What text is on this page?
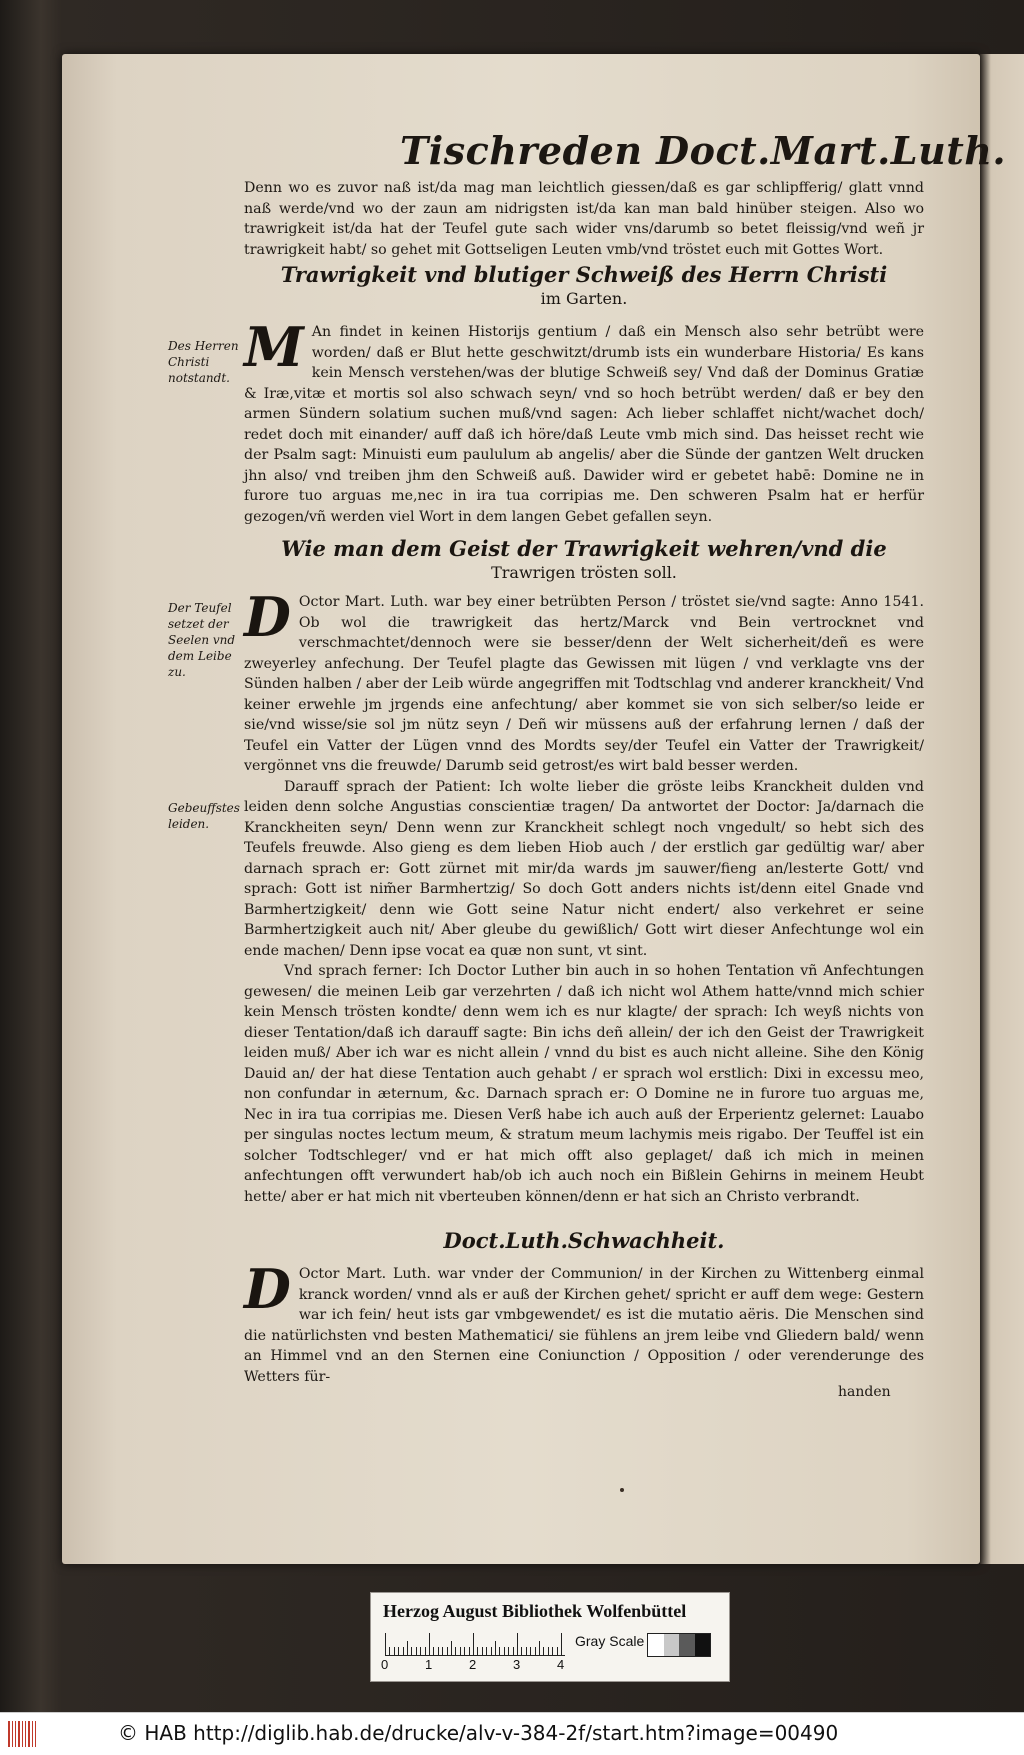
Tischreden Doct.Mart.Luth.
Denn wo es zuvor naß ist/da mag man leichtlich giessen/daß es gar schlipfferig/ glatt vnnd naß werde/vnd wo der zaun am nidrigsten ist/da kan man bald hinüber steigen. Also wo trawrigkeit ist/da hat der Teufel gute sach wider vns/darumb so betet fleissig/vnd weñ jr trawrigkeit habt/ so gehet mit Gottseligen Leuten vmb/vnd tröstet euch mit Gottes Wort.
Trawrigkeit vnd blutiger Schweiß des Herrn Christi
im Garten.
Des Herren Christi notstandt. M An findet in keinen Historijs gentium / daß ein Mensch also sehr betrübt were worden/ daß er Blut hette geschwitzt/drumb ists ein wunderbare Historia/ Es kans kein Mensch verstehen/was der blutige Schweiß sey/ Vnd daß der Dominus Gratiæ & Iræ,vitæ et mortis sol also schwach seyn/ vnd so hoch betrübt werden/ daß er bey den armen Sündern solatium suchen muß/vnd sagen: Ach lieber schlaffet nicht/wachet doch/ redet doch mit einander/ auff daß ich höre/daß Leute vmb mich sind. Das heisset recht wie der Psalm sagt: Minuisti eum paululum ab angelis/ aber die Sünde der gantzen Welt drucken jhn also/ vnd treiben jhm den Schweiß auß. Dawider wird er gebetet habē: Domine ne in furore tuo arguas me,nec in ira tua corripias me. Den schweren Psalm hat er herfür gezogen/vñ werden viel Wort in dem langen Gebet gefallen seyn.
Wie man dem Geist der Trawrigkeit wehren/vnd die
Trawrigen trösten soll.
Der Teufel setzet der Seelen vnd dem Leibe zu.
Gebeuffstes leiden.
D Octor Mart. Luth. war bey einer betrübten Person / tröstet sie/vnd sagte: Anno 1541. Ob wol die trawrigkeit das hertz/Marck vnd Bein vertrocknet vnd verschmachtet/dennoch were sie besser/denn der Welt sicherheit/deñ es were zweyerley anfechung. Der Teufel plagte das Gewissen mit lügen / vnd verklagte vns der Sünden halben / aber der Leib würde angegriffen mit Todtschlag vnd anderer kranckheit/ Vnd keiner erwehle jm jrgends eine anfechtung/ aber kommet sie von sich selber/so leide er sie/vnd wisse/sie sol jm nütz seyn / Deñ wir müssens auß der erfahrung lernen / daß der Teufel ein Vatter der Lügen vnnd des Mordts sey/der Teufel ein Vatter der Trawrigkeit/ vergönnet vns die freuwde/ Darumb seid getrost/es wirt bald besser werden.
Darauff sprach der Patient: Ich wolte lieber die gröste leibs Kranckheit dulden vnd leiden denn solche Angustias conscientiæ tragen/ Da antwortet der Doctor: Ja/darnach die Kranckheiten seyn/ Denn wenn zur Kranckheit schlegt noch vngedult/ so hebt sich des Teufels freuwde. Also gieng es dem lieben Hiob auch / der erstlich gar gedültig war/ aber darnach sprach er: Gott zürnet mit mir/da wards jm sauwer/fieng an/lesterte Gott/ vnd sprach: Gott ist nim̃er Barmhertzig/ So doch Gott anders nichts ist/denn eitel Gnade vnd Barmhertzigkeit/ denn wie Gott seine Natur nicht endert/ also verkehret er seine Barmhertzigkeit auch nit/ Aber gleube du gewißlich/ Gott wirt dieser Anfechtunge wol ein ende machen/ Denn ipse vocat ea quæ non sunt, vt sint.
Vnd sprach ferner: Ich Doctor Luther bin auch in so hohen Tentation vñ Anfechtungen gewesen/ die meinen Leib gar verzehrten / daß ich nicht wol Athem hatte/vnnd mich schier kein Mensch trösten kondte/ denn wem ich es nur klagte/ der sprach: Ich weyß nichts von dieser Tentation/daß ich darauff sagte: Bin ichs deñ allein/ der ich den Geist der Trawrigkeit leiden muß/ Aber ich war es nicht allein / vnnd du bist es auch nicht alleine. Sihe den König Dauid an/ der hat diese Tentation auch gehabt / er sprach wol erstlich: Dixi in excessu meo, non confundar in æternum, &c. Darnach sprach er: O Domine ne in furore tuo arguas me, Nec in ira tua corripias me. Diesen Verß habe ich auch auß der Erperientz gelernet: Lauabo per singulas noctes lectum meum, & stratum meum lachymis meis rigabo. Der Teuffel ist ein solcher Todtschleger/ vnd er hat mich offt also geplaget/ daß ich mich in meinen anfechtungen offt verwundert hab/ob ich auch noch ein Bißlein Gehirns in meinem Heubt hette/ aber er hat mich nit vberteuben können/denn er hat sich an Christo verbrandt.
Doct.Luth.Schwachheit.
D Octor Mart. Luth. war vnder der Communion/ in der Kirchen zu Wittenberg einmal kranck worden/ vnnd als er auß der Kirchen gehet/ spricht er auff dem wege: Gestern war ich fein/ heut ists gar vmbgewendet/ es ist die mutatio aëris. Die Menschen sind die natürlichsten vnd besten Mathematici/ sie fühlens an jrem leibe vnd Gliedern bald/ wenn an Himmel vnd an den Sternen eine Coniunction / Opposition / oder verenderunge des Wetters für-
handen
Herzog August Bibliothek Wolfenbüttel
0	1	2	3	4
Gray Scale
© HAB http://diglib.hab.de/drucke/alv-v-384-2f/start.htm?image=00490
